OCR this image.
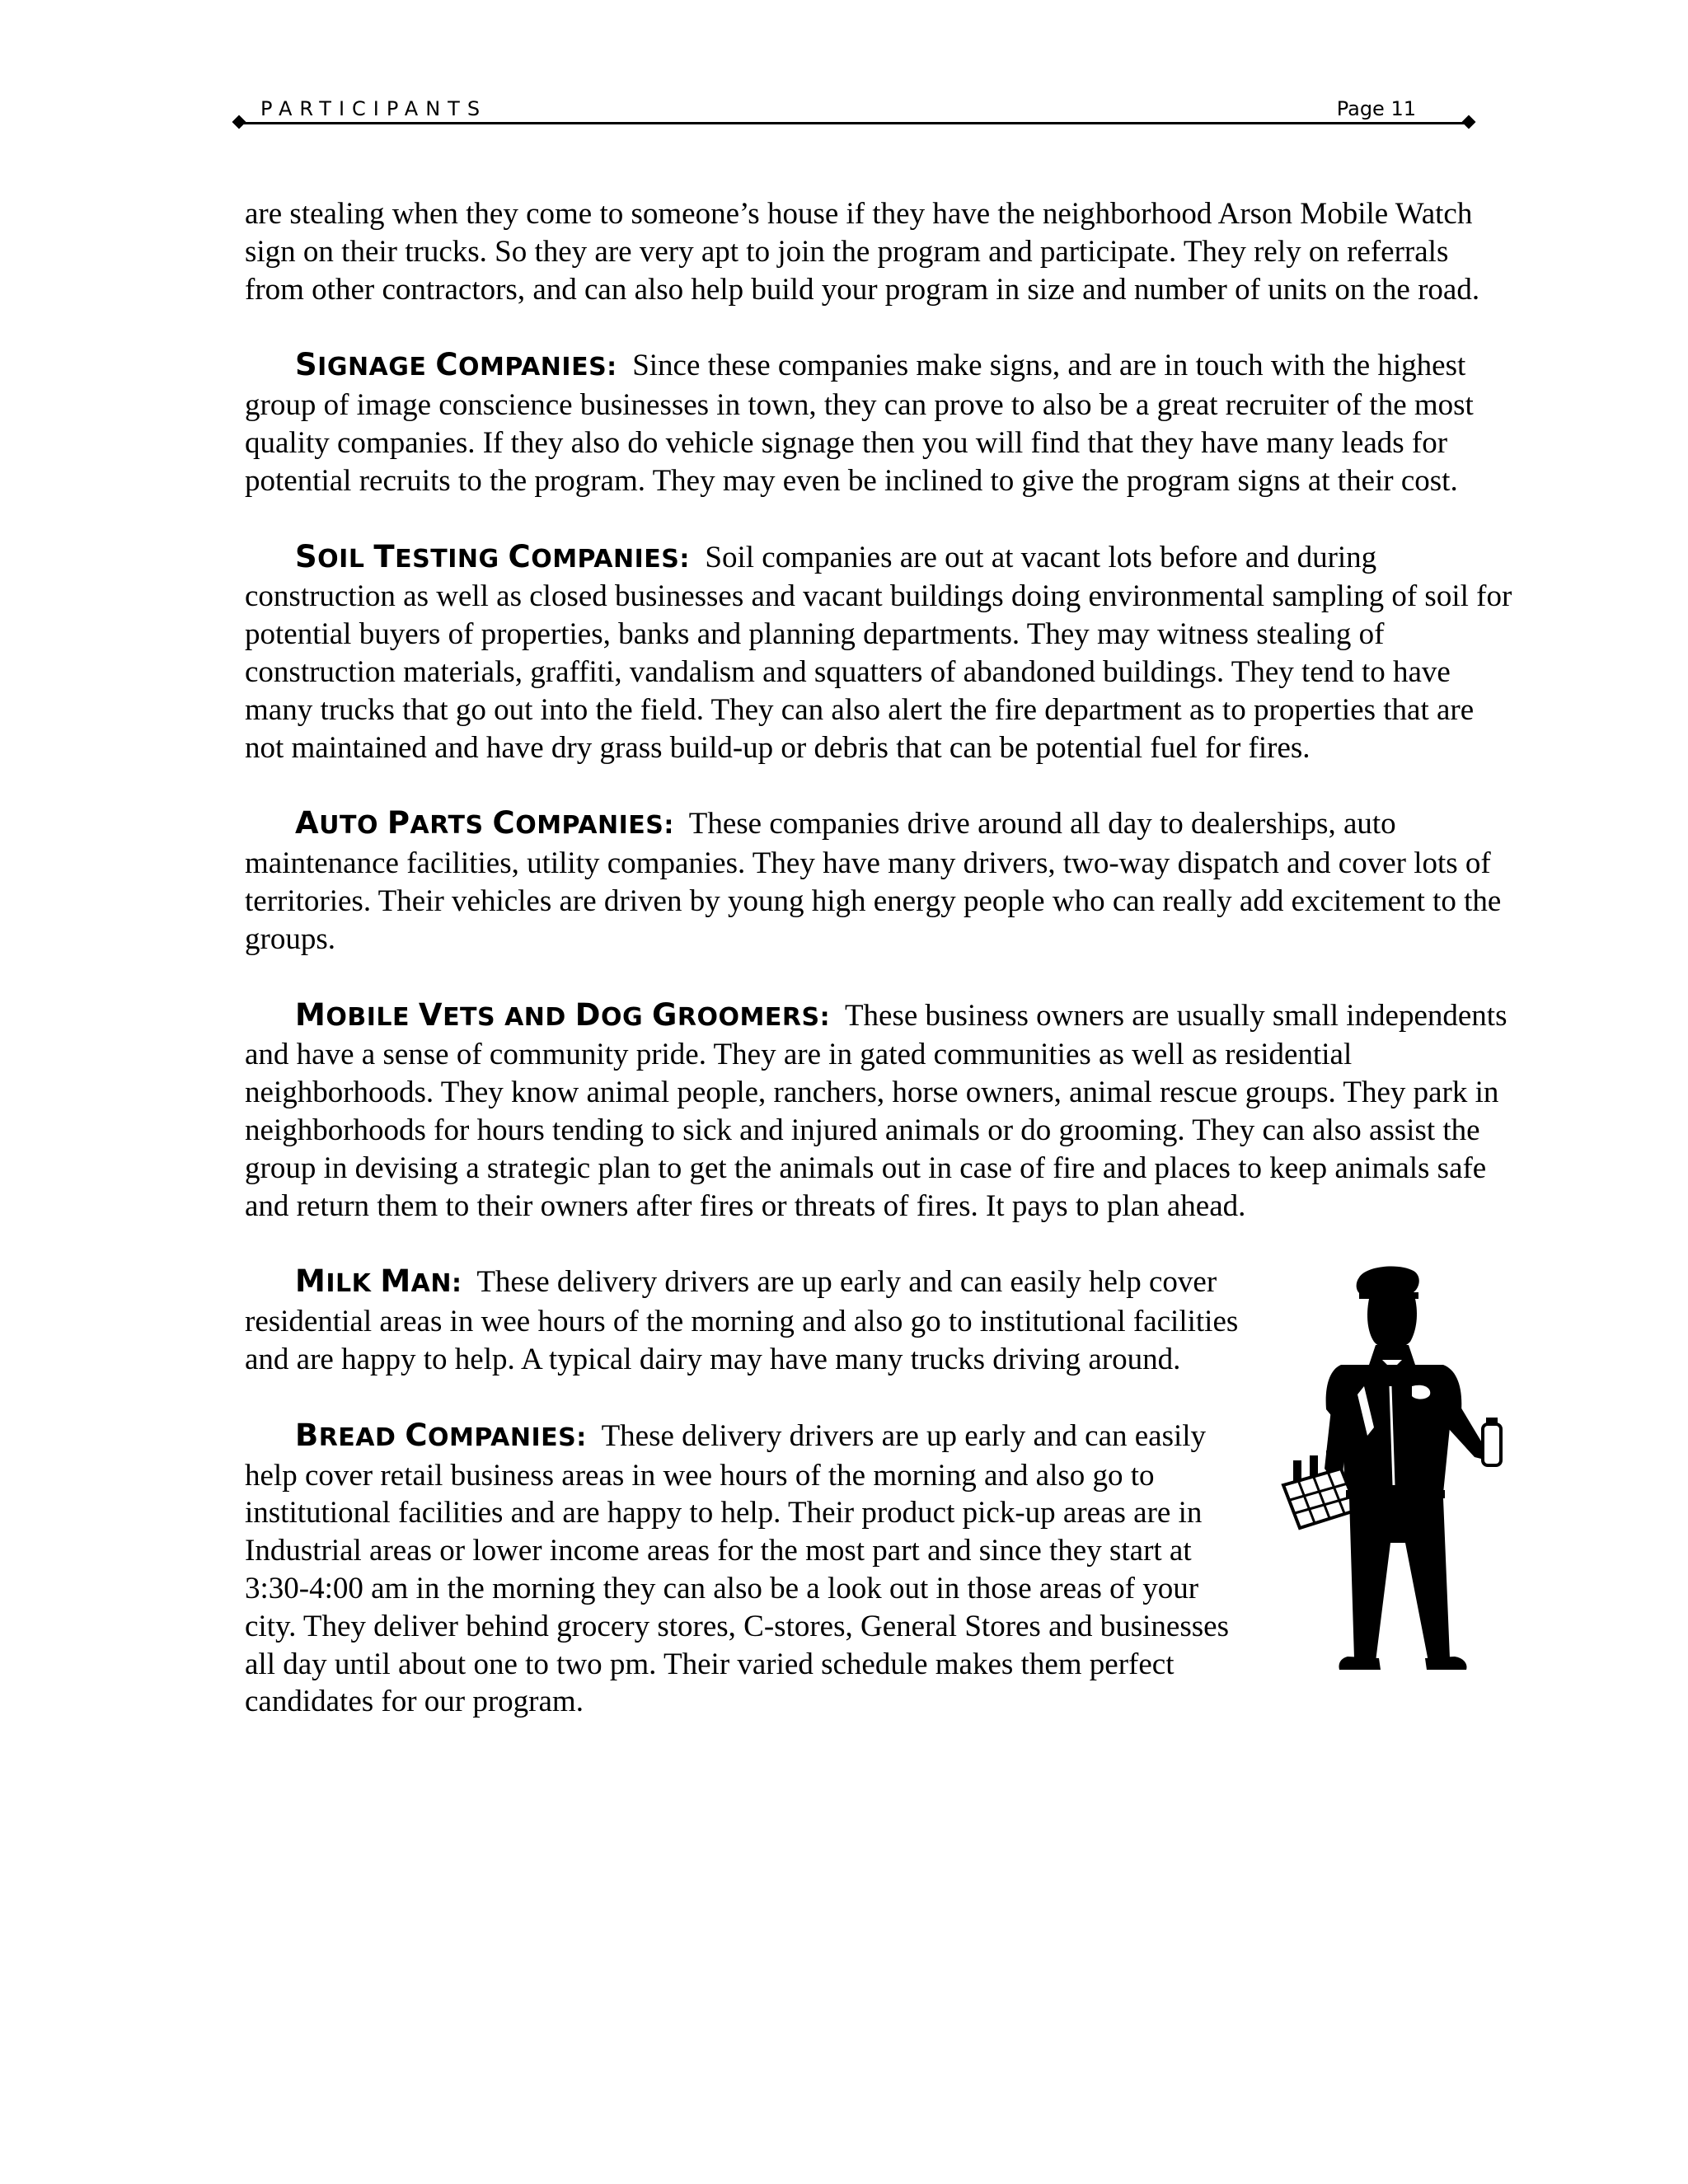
PARTICIPANTS	Page 11

are stealing when they come to someone’s house if they have the neighborhood Arson Mobile Watch sign on their trucks. So they are very apt to join the program and participate. They rely on referrals from other contractors, and can also help build your program in size and number of units on the road.

SIGNAGE COMPANIES: Since these companies make signs, and are in touch with the highest group of image conscience businesses in town, they can prove to also be a great recruiter of the most quality companies. If they also do vehicle signage then you will find that they have many leads for potential recruits to the program. They may even be inclined to give the program signs at their cost.

SOIL TESTING COMPANIES: Soil companies are out at vacant lots before and during construction as well as closed businesses and vacant buildings doing environmental sampling of soil for potential buyers of properties, banks and planning departments. They may witness stealing of construction materials, graffiti, vandalism and squatters of abandoned buildings. They tend to have many trucks that go out into the field. They can also alert the fire department as to properties that are not maintained and have dry grass build-up or debris that can be potential fuel for fires.

AUTO PARTS COMPANIES: These companies drive around all day to dealerships, auto maintenance facilities, utility companies. They have many drivers, two-way dispatch and cover lots of territories. Their vehicles are driven by young high energy people who can really add excitement to the groups.

MOBILE VETS AND DOG GROOMERS: These business owners are usually small independents and have a sense of community pride. They are in gated communities as well as residential neighborhoods. They know animal people, ranchers, horse owners, animal rescue groups. They park in neighborhoods for hours tending to sick and injured animals or do grooming. They can also assist the group in devising a strategic plan to get the animals out in case of fire and places to keep animals safe and return them to their owners after fires or threats of fires. It pays to plan ahead.

MILK MAN: These delivery drivers are up early and can easily help cover residential areas in wee hours of the morning and also go to institutional facilities and are happy to help. A typical dairy may have many trucks driving around.

BREAD COMPANIES: These delivery drivers are up early and can easily help cover retail business areas in wee hours of the morning and also go to institutional facilities and are happy to help. Their product pick-up areas are in Industrial areas or lower income areas for the most part and since they start at 3:30-4:00 am in the morning they can also be a look out in those areas of your city. They deliver behind grocery stores, C-stores, General Stores and businesses all day until about one to two pm. Their varied schedule makes them perfect candidates for our program.
